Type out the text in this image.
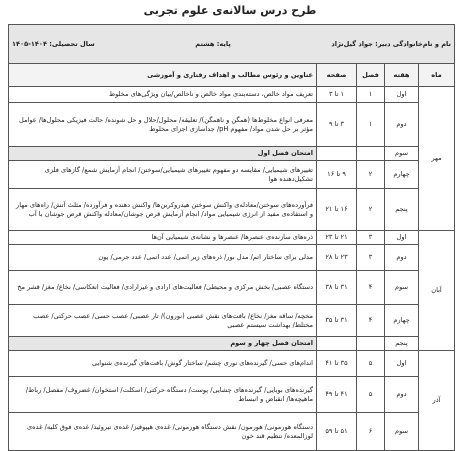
طرح درس سالانه‌ی علوم تجربی
نام و نام‌خانوادگی دبیر: جواد گیل‌نژاد
پایه: هشتم
سال تحصیلی: ۱۴۰۴-۱۴۰۵				

ماه	هفته	فصل	صفحه	عناوین و رئوس مطالب و اهداف رفتاری و آموزشی
مهر	اول	۱	۱ تا ۳	تعریف مواد خالص، دسته‌بندی مواد خالص و ناخالص/بیان ویژگی‌های مخلوط
	دوم	۱	۳ تا ۹	معرفی انواع مخلوط‌ها (همگن و ناهمگن)/ تعلیقه/ محلول/حلال و حل شونده/ حالت فیزیکی محلول‌ها/ عوامل مؤثر بر حل شدن مواد/ مفهوم pH/ جداسازی اجزای مخلوط
	سوم			امتحان فصل اول
	چهارم	۲	۹ تا ۱۶	تغییرهای شیمیایی/ مقایسه دو مفهوم تغییرهای شیمیایی/سوختن/ انجام آزمایش شمع/ گازهای فلزی تشکیل‌دهنده هوا
	پنجم	۲	۱۶ تا ۲۱	فرآورده‌های سوختن/معادله‌ی واکنش سوختن هیدروکربن‌ها/ واکنش دهنده و فرآورده/ مثلث آتش/ راه‌های مهار و استفاده‌ی مفید از انرژی شیمیایی مواد/ انجام آزمایش قرص جوشان/معادله واکنش قرص جوشان با آب
آبان	اول	۳	۲۱ تا ۲۳	ذره‌های سازنده‌ی عنصرها/ عنصرها و نشانه‌ی شیمیایی آن‌ها
	دوم	۳	۲۳ تا ۲۸	مدلی برای ساختار اتم/ مدل بور/ ذره‌های زیر اتمی/ عدد اتمی/ عدد جرمی/ یون
	سوم	۴	۳۱ تا ۳۸	دستگاه عصبی/ بخش مرکزی و محیطی/ فعالیت‌های ارادی و غیرارادی/ فعالیت انعکاسی/ نخاع/ مغز/ قشر مخ
	چهارم	۴	۳۱ تا ۳۵	مخچه/ ساقه مغز/ نخاع/ بافت‌های نقش عصبی (نورون)/ تار عصبی/ عصب حسی/ عصب حرکتی/ عصب مختلط/ بهداشت سیستم عصبی
	پنجم			امتحان فصل چهار و سوم
آذر	اول	۵	۳۵ تا ۴۱	اندام‌های حسی/ گیرنده‌های نوری چشم/ ساختار گوش/ بافت‌های گیرنده‌ی شنوایی
	دوم	۵	۴۱ تا ۴۹	گیرنده‌های بویایی/ گیرنده‌های چشایی/ پوست/ دستگاه حرکتی/ اسکلت/ استخوان/ غضروف/ مفصل/ رباط/ ماهیچه‌ها/ انقباض و انبساط
	سوم	۶	۵۱ تا ۵۹	دستگاه هورمونی/ هورمون/ نقش دستگاه هورمونی/ غده‌ی هیپوفیز/ غده‌ی تیروئید/ غده‌ی فوق کلیه/ غده‌ی لوزالمعده/ تنظیم قند خون
